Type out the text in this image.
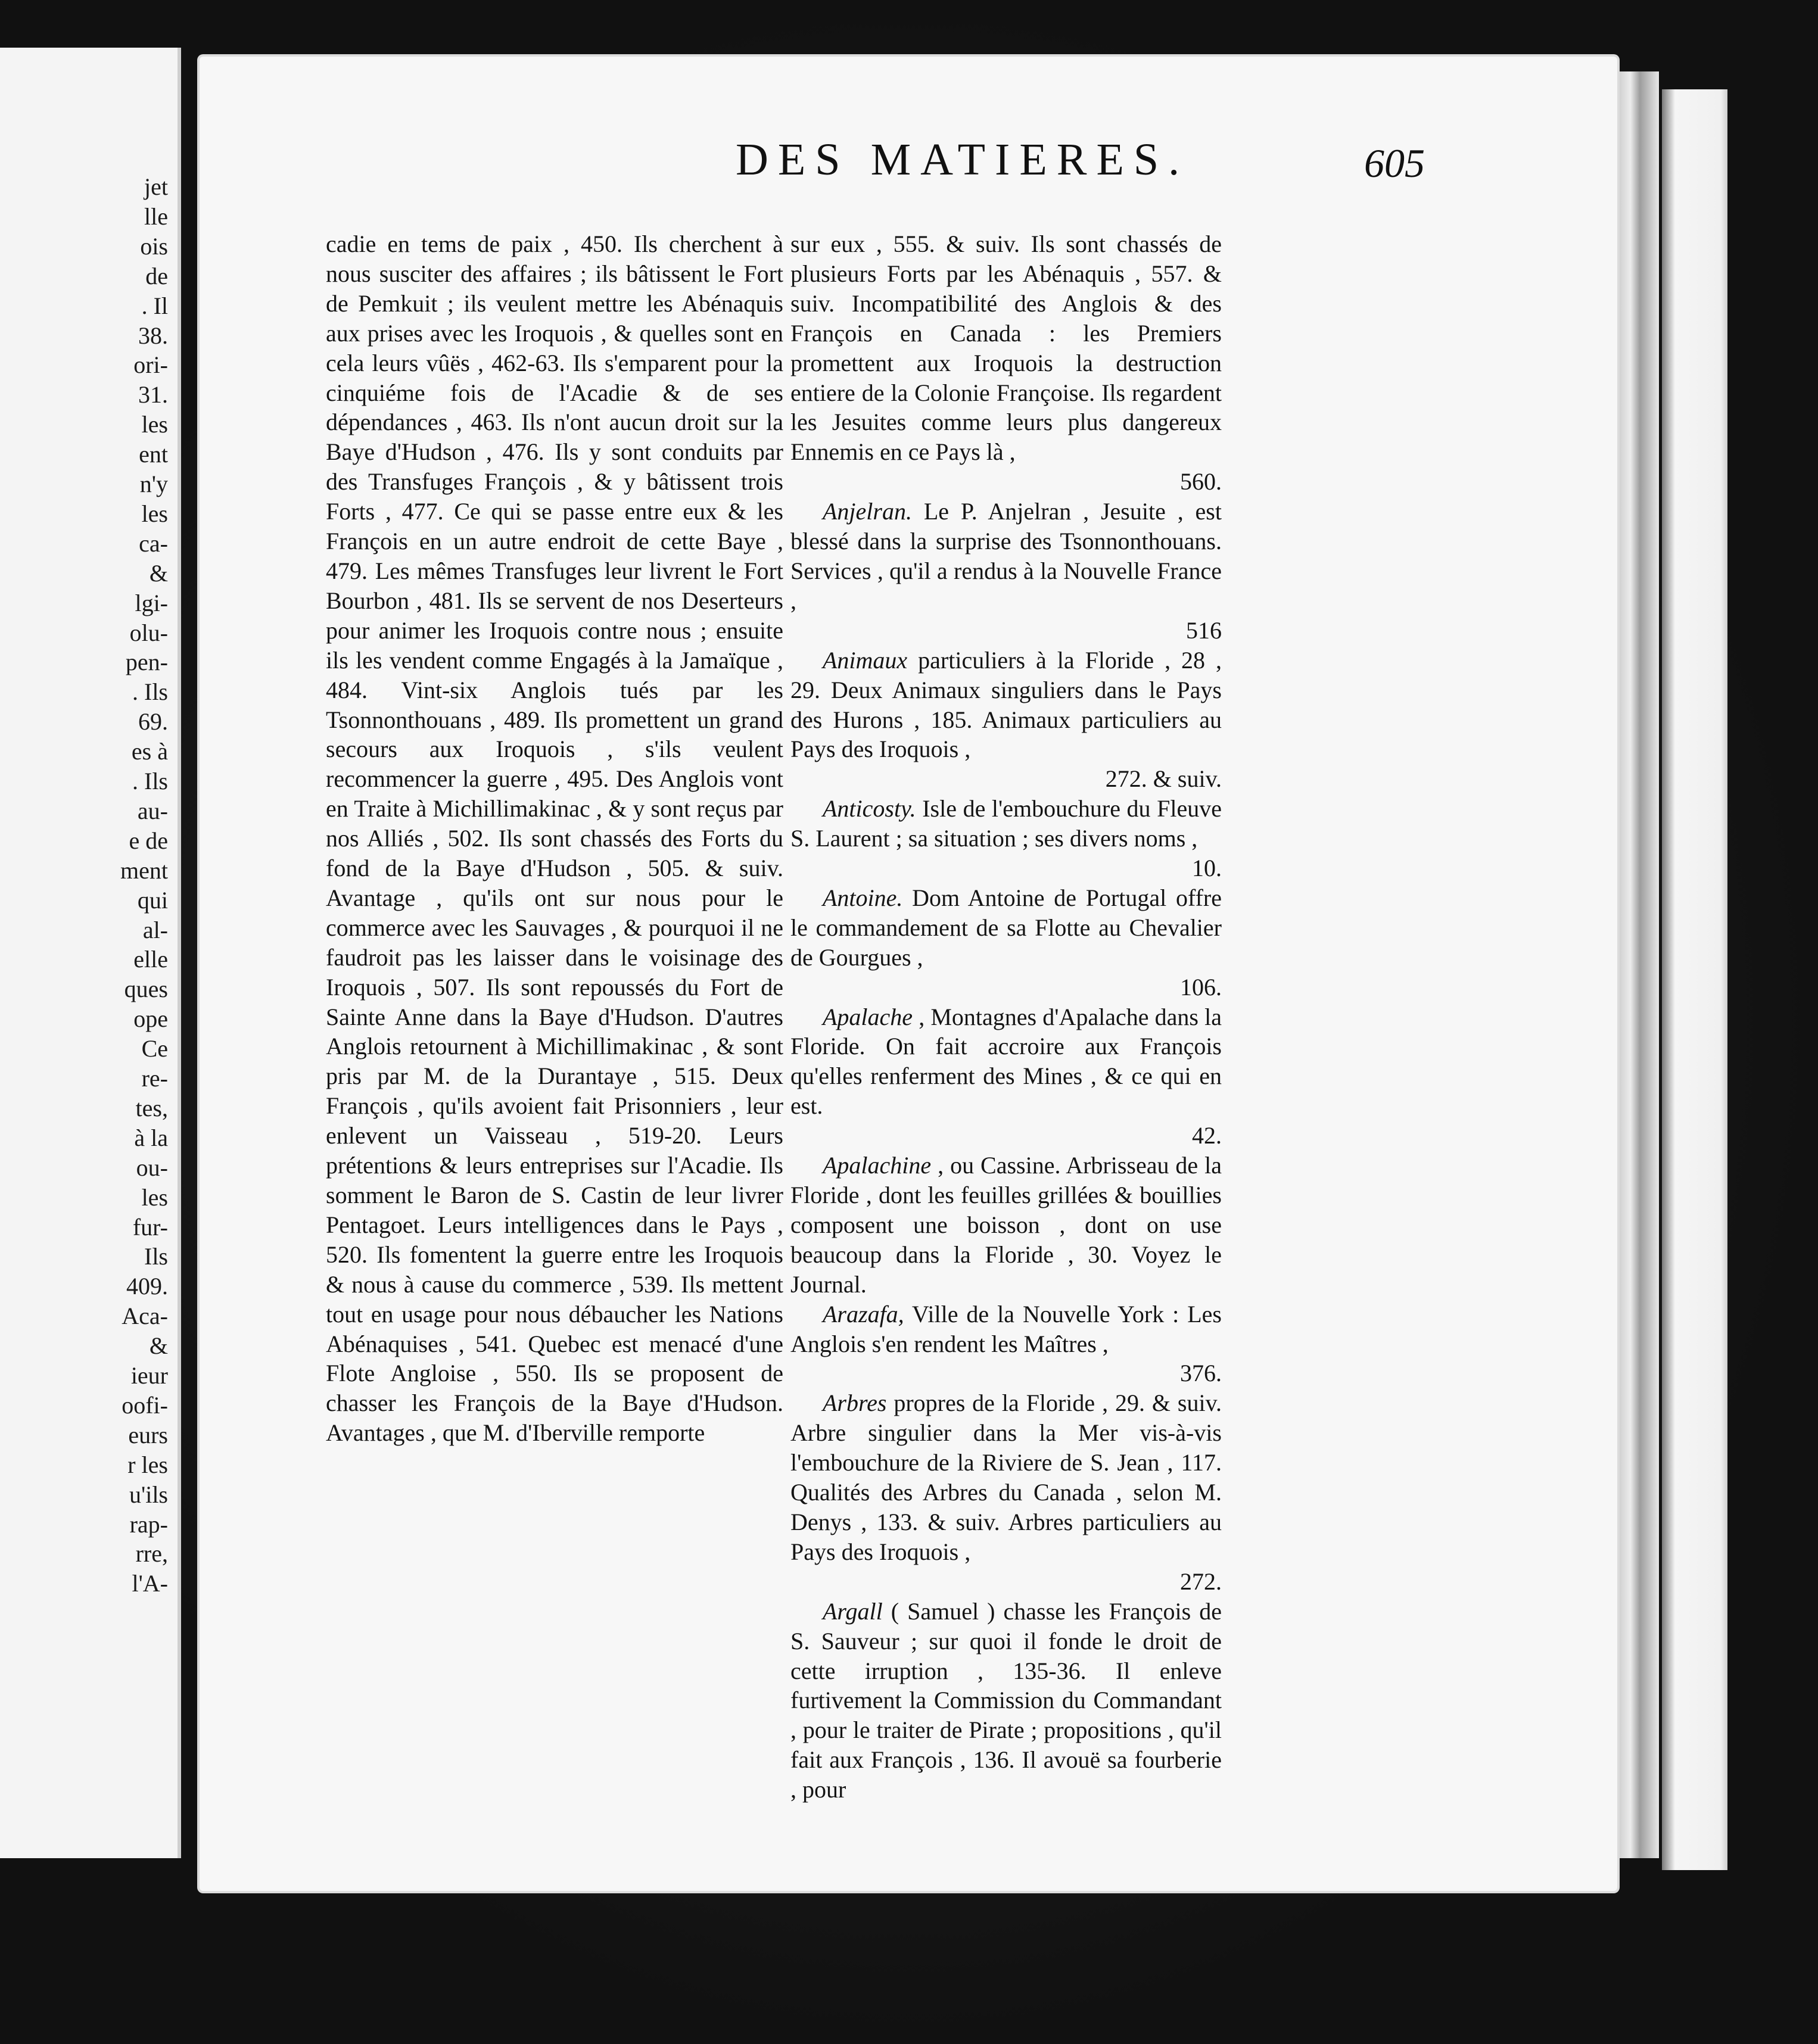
jet
lle
ois
de
. Il
38.
ori-
31.
les
ent
n'y
les
ca-
&
lgi-
olu-
pen-
. Ils
69.
es à
. Ils
au-
e de
ment
qui
al-
elle
ques
ope
Ce
re-
tes,
à la
ou-
les
fur-
Ils
409.
Aca-
&
ieur
oofi-
eurs
r les
u'ils
rap-
rre,
l'A-
DES MATIERES.	605

cadie en tems de paix , 450. Ils cherchent à nous susciter des affaires ; ils bâtissent le Fort de Pemkuit ; ils veulent mettre les Abénaquis aux prises avec les Iroquois , & quelles sont en cela leurs vûës , 462-63. Ils s'emparent pour la cinquiéme fois de l'Acadie & de ses dépendances , 463. Ils n'ont aucun droit sur la Baye d'Hudson , 476. Ils y sont conduits par des Transfuges François , & y bâtissent trois Forts , 477. Ce qui se passe entre eux & les François en un autre endroit de cette Baye , 479. Les mêmes Transfuges leur livrent le Fort Bourbon , 481. Ils se servent de nos Deserteurs pour animer les Iroquois contre nous ; ensuite ils les vendent comme Engagés à la Jamaïque , 484. Vint-six Anglois tués par les Tsonnonthouans , 489. Ils promettent un grand secours aux Iroquois , s'ils veulent recommencer la guerre , 495. Des Anglois vont en Traite à Michillimakinac , & y sont reçus par nos Alliés , 502. Ils sont chassés des Forts du fond de la Baye d'Hudson , 505. & suiv. Avantage , qu'ils ont sur nous pour le commerce avec les Sauvages , & pourquoi il ne faudroit pas les laisser dans le voisinage des Iroquois , 507. Ils sont repoussés du Fort de Sainte Anne dans la Baye d'Hudson. D'autres Anglois retournent à Michillimakinac , & sont pris par M. de la Durantaye , 515. Deux François , qu'ils avoient fait Prisonniers , leur enlevent un Vaisseau , 519-20. Leurs prétentions & leurs entreprises sur l'Acadie. Ils somment le Baron de S. Castin de leur livrer Pentagoet. Leurs intelligences dans le Pays , 520. Ils fomentent la guerre entre les Iroquois & nous à cause du commerce , 539. Ils mettent tout en usage pour nous débaucher les Nations Abénaquises , 541. Quebec est menacé d'une Flote Angloise , 550. Ils se proposent de chasser les François de la Baye d'Hudson. Avantages , que M. d'Iberville remporte

sur eux , 555. & suiv. Ils sont chassés de plusieurs Forts par les Abénaquis , 557. & suiv. Incompatibilité des Anglois & des François en Canada : les Premiers promettent aux Iroquois la destruction entiere de la Colonie Françoise. Ils regardent les Jesuites comme leurs plus dangereux Ennemis en ce Pays là ,
560.

Anjelran. Le P. Anjelran , Jesuite , est blessé dans la surprise des Tsonnonthouans. Services , qu'il a rendus à la Nouvelle France ,
516

Animaux particuliers à la Floride , 28 , 29. Deux Animaux singuliers dans le Pays des Hurons , 185. Animaux particuliers au Pays des Iroquois ,
272. & suiv.

Anticosty. Isle de l'embouchure du Fleuve S. Laurent ; sa situation ; ses divers noms ,
10.

Antoine. Dom Antoine de Portugal offre le commandement de sa Flotte au Chevalier de Gourgues ,
106.

Apalache , Montagnes d'Apalache dans la Floride. On fait accroire aux François qu'elles renferment des Mines , & ce qui en est.
42.

Apalachine , ou Cassine. Arbrisseau de la Floride , dont les feuilles grillées & bouillies composent une boisson , dont on use beaucoup dans la Floride , 30. Voyez le Journal.

Arazafa, Ville de la Nouvelle York : Les Anglois s'en rendent les Maîtres ,
376.

Arbres propres de la Floride , 29. & suiv. Arbre singulier dans la Mer vis-à-vis l'embouchure de la Riviere de S. Jean , 117. Qualités des Arbres du Canada , selon M. Denys , 133. & suiv. Arbres particuliers au Pays des Iroquois ,
272.

Argall ( Samuel ) chasse les François de S. Sauveur ; sur quoi il fonde le droit de cette irruption , 135-36. Il enleve furtivement la Commission du Commandant , pour le traiter de Pirate ; propositions , qu'il fait aux François , 136. Il avouë sa fourberie , pour
